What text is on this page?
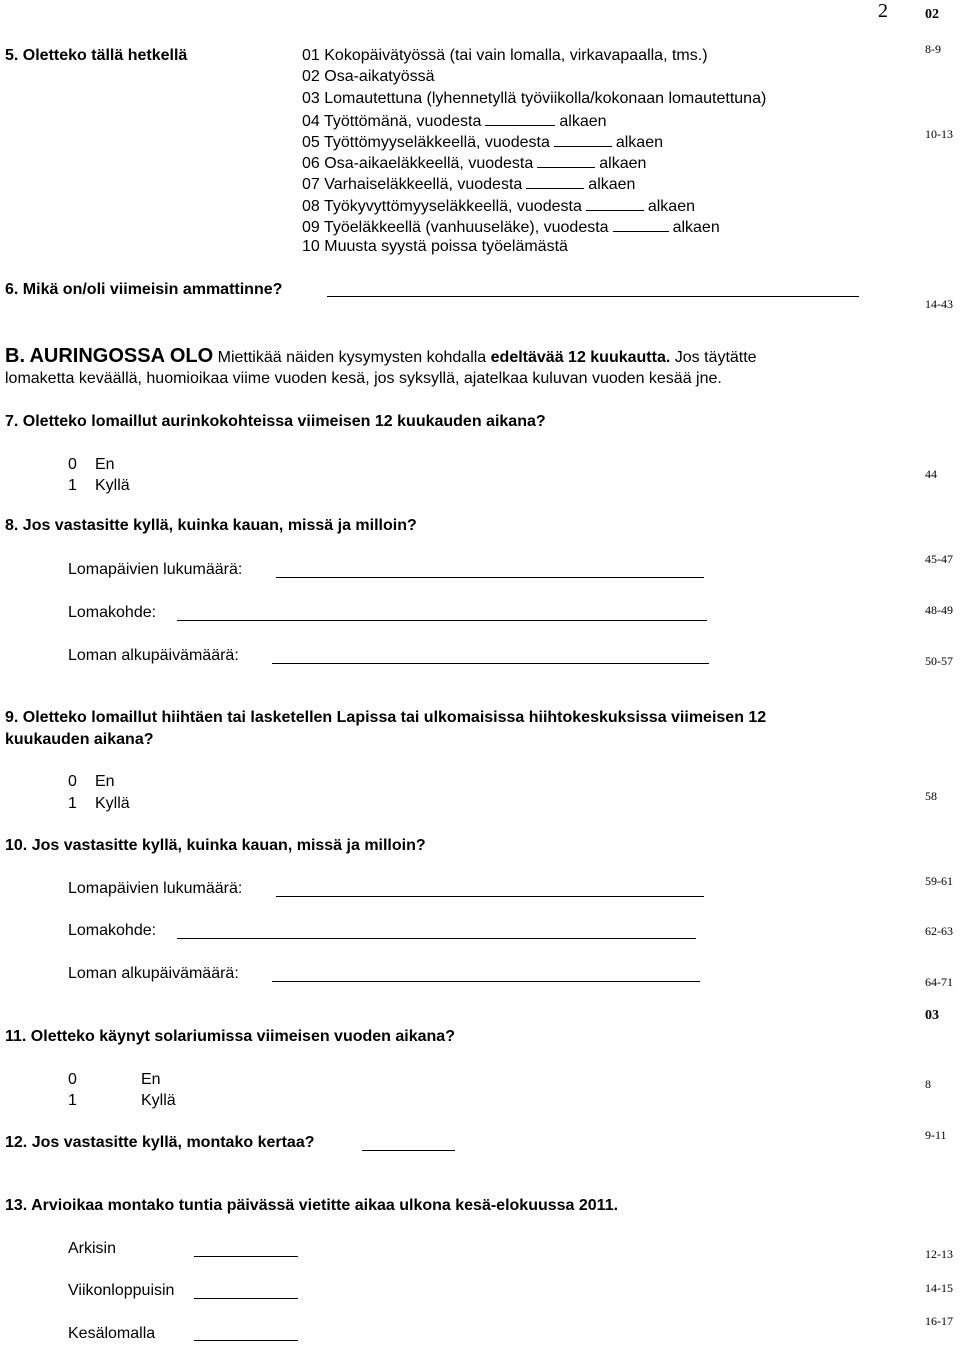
2	02
8-9
10-13
14-43
44
45-47
48-49
50-57
58
59-61
62-63
64-71
03
8
9-11
12-13
14-15
16-17
5. Oletteko tällä hetkellä	01 Kokopäivätyössä (tai vain lomalla, virkavapaalla, tms.)
02 Osa-aikatyössä
03 Lomautettuna (lyhennetyllä työviikolla/kokonaan lomautettuna)
04 Työttömänä, vuodesta	alkaen
05 Työttömyyseläkkeellä, vuodesta	alkaen
06 Osa-aikaeläkkeellä, vuodesta	alkaen
07 Varhaiseläkkeellä, vuodesta	alkaen
08 Työkyvyttömyyseläkkeellä, vuodesta	alkaen
09 Työeläkkeellä (vanhuuseläke), vuodesta	alkaen
10 Muusta syystä poissa työelämästä
6. Mikä on/oli viimeisin ammattinne?
B. AURINGOSSA OLO Miettikää näiden kysymysten kohdalla edeltävää 12 kuukautta. Jos täytätte
lomaketta keväällä, huomioikaa viime vuoden kesä, jos syksyllä, ajatelkaa kuluvan vuoden kesää jne.
7. Oletteko lomaillut aurinkokohteissa viimeisen 12 kuukauden aikana?
0 En
1 Kyllä
8. Jos vastasitte kyllä, kuinka kauan, missä ja milloin?
Lomapäivien lukumäärä:
Lomakohde:
Loman alkupäivämäärä:
9. Oletteko lomaillut hiihtäen tai lasketellen Lapissa tai ulkomaisissa hiihtokeskuksissa viimeisen 12
kuukauden aikana?
0 En
1 Kyllä
10. Jos vastasitte kyllä, kuinka kauan, missä ja milloin?
Lomapäivien lukumäärä:
Lomakohde:
Loman alkupäivämäärä:
11. Oletteko käynyt solariumissa viimeisen vuoden aikana?
0	En
1	Kyllä
12. Jos vastasitte kyllä, montako kertaa?
13. Arvioikaa montako tuntia päivässä vietitte aikaa ulkona kesä-elokuussa 2011.
Arkisin
Viikonloppuisin
Kesälomalla
